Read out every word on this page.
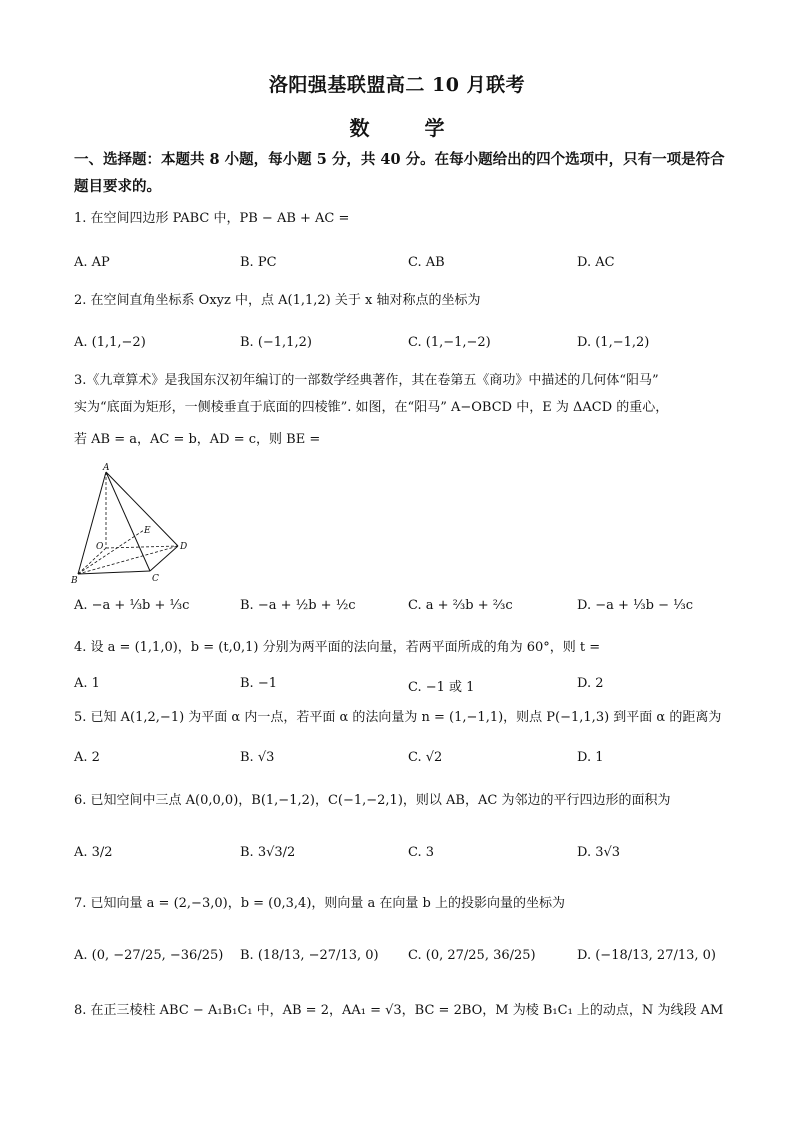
洛阳强基联盟高二 10 月联考
数 学
一、选择题：本题共 8 小题，每小题 5 分，共 40 分。在每小题给出的四个选项中，只有一项是符合题目要求的。
1. 在空间四边形 PABC 中，PB − AB + AC =
A. AP	B. PC	C. AB	D. AC
2. 在空间直角坐标系 Oxyz 中，点 A(1,1,2) 关于 x 轴对称点的坐标为
A. (1,1,−2)	B. (−1,1,2)	C. (1,−1,−2)	D. (1,−1,2)
3.《九章算术》是我国东汉初年编订的一部数学经典著作，其在卷第五《商功》中描述的几何体“阳马”
实为“底面为矩形，一侧棱垂直于底面的四棱锥”. 如图，在“阳马” A−OBCD 中，E 为 ΔACD 的重心，
若 AB = a，AC = b，AD = c，则 BE =
A
O
E
D
B	C
A. −a + ⅓b + ⅓c	B. −a + ½b + ½c	C. a + ⅔b + ⅔c	D. −a + ⅓b − ⅓c
4. 设 a = (1,1,0)，b = (t,0,1) 分别为两平面的法向量，若两平面所成的角为 60°，则 t =
A. 1	B. −1	C. −1 或 1	D. 2
5. 已知 A(1,2,−1) 为平面 α 内一点，若平面 α 的法向量为 n = (1,−1,1)，则点 P(−1,1,3) 到平面 α 的距离为
A. 2	B. √3	C. √2	D. 1
6. 已知空间中三点 A(0,0,0)，B(1,−1,2)，C(−1,−2,1)，则以 AB，AC 为邻边的平行四边形的面积为
A. 3/2	B. 3√3/2	C. 3	D. 3√3
7. 已知向量 a = (2,−3,0)，b = (0,3,4)，则向量 a 在向量 b 上的投影向量的坐标为
A. (0, −27/25, −36/25) B. (18/13, −27/13, 0) C. (0, 27/25, 36/25)	D. (−18/13, 27/13, 0)
8. 在正三棱柱 ABC − A₁B₁C₁ 中，AB = 2，AA₁ = √3，BC = 2BO，M 为棱 B₁C₁ 上的动点，N 为线段 AM
